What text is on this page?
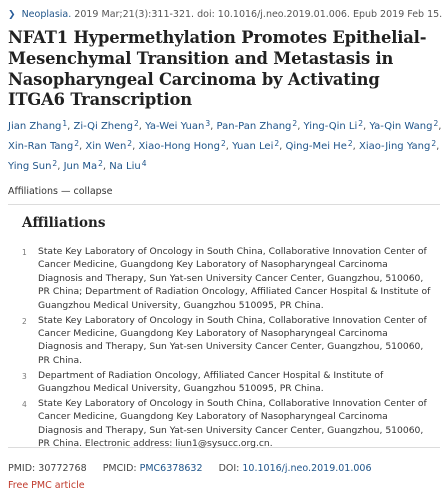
❯ Neoplasia. 2019 Mar;21(3):311-321. doi: 10.1016/j.neo.2019.01.006. Epub 2019 Feb 15.
NFAT1 Hypermethylation Promotes Epithelial-Mesenchymal Transition and Metastasis in Nasopharyngeal Carcinoma by Activating ITGA6 Transcription
Jian Zhang$^1$, Zi-Qi Zheng$^2$, Ya-Wei Yuan$^3$, Pan-Pan Zhang$^2$, Ying-Qin Li$^2$, Ya-Qin Wang$^2$, Xin-Ran Tang$^2$, Xin Wen$^2$, Xiao-Hong Hong$^2$, Yuan Lei$^2$, Qing-Mei He$^2$, Xiao-Jing Yang$^2$, Ying Sun$^2$, Jun Ma$^2$, Na Liu$^4$
Affiliations — collapse
Affiliations
1	State Key Laboratory of Oncology in South China, Collaborative Innovation Center of Cancer Medicine, Guangdong Key Laboratory of Nasopharyngeal Carcinoma Diagnosis and Therapy, Sun Yat-sen University Cancer Center, Guangzhou, 510060, PR China; Department of Radiation Oncology, Affiliated Cancer Hospital & Institute of Guangzhou Medical University, Guangzhou 510095, PR China.
2	State Key Laboratory of Oncology in South China, Collaborative Innovation Center of Cancer Medicine, Guangdong Key Laboratory of Nasopharyngeal Carcinoma Diagnosis and Therapy, Sun Yat-sen University Cancer Center, Guangzhou, 510060, PR China.
3	Department of Radiation Oncology, Affiliated Cancer Hospital & Institute of Guangzhou Medical University, Guangzhou 510095, PR China.
4	State Key Laboratory of Oncology in South China, Collaborative Innovation Center of Cancer Medicine, Guangdong Key Laboratory of Nasopharyngeal Carcinoma Diagnosis and Therapy, Sun Yat-sen University Cancer Center, Guangzhou, 510060, PR China. Electronic address: liun1@sysucc.org.cn.
PMID: 30772768 PMCID: PMC6378632 DOI: 10.1016/j.neo.2019.01.006
Free PMC article
